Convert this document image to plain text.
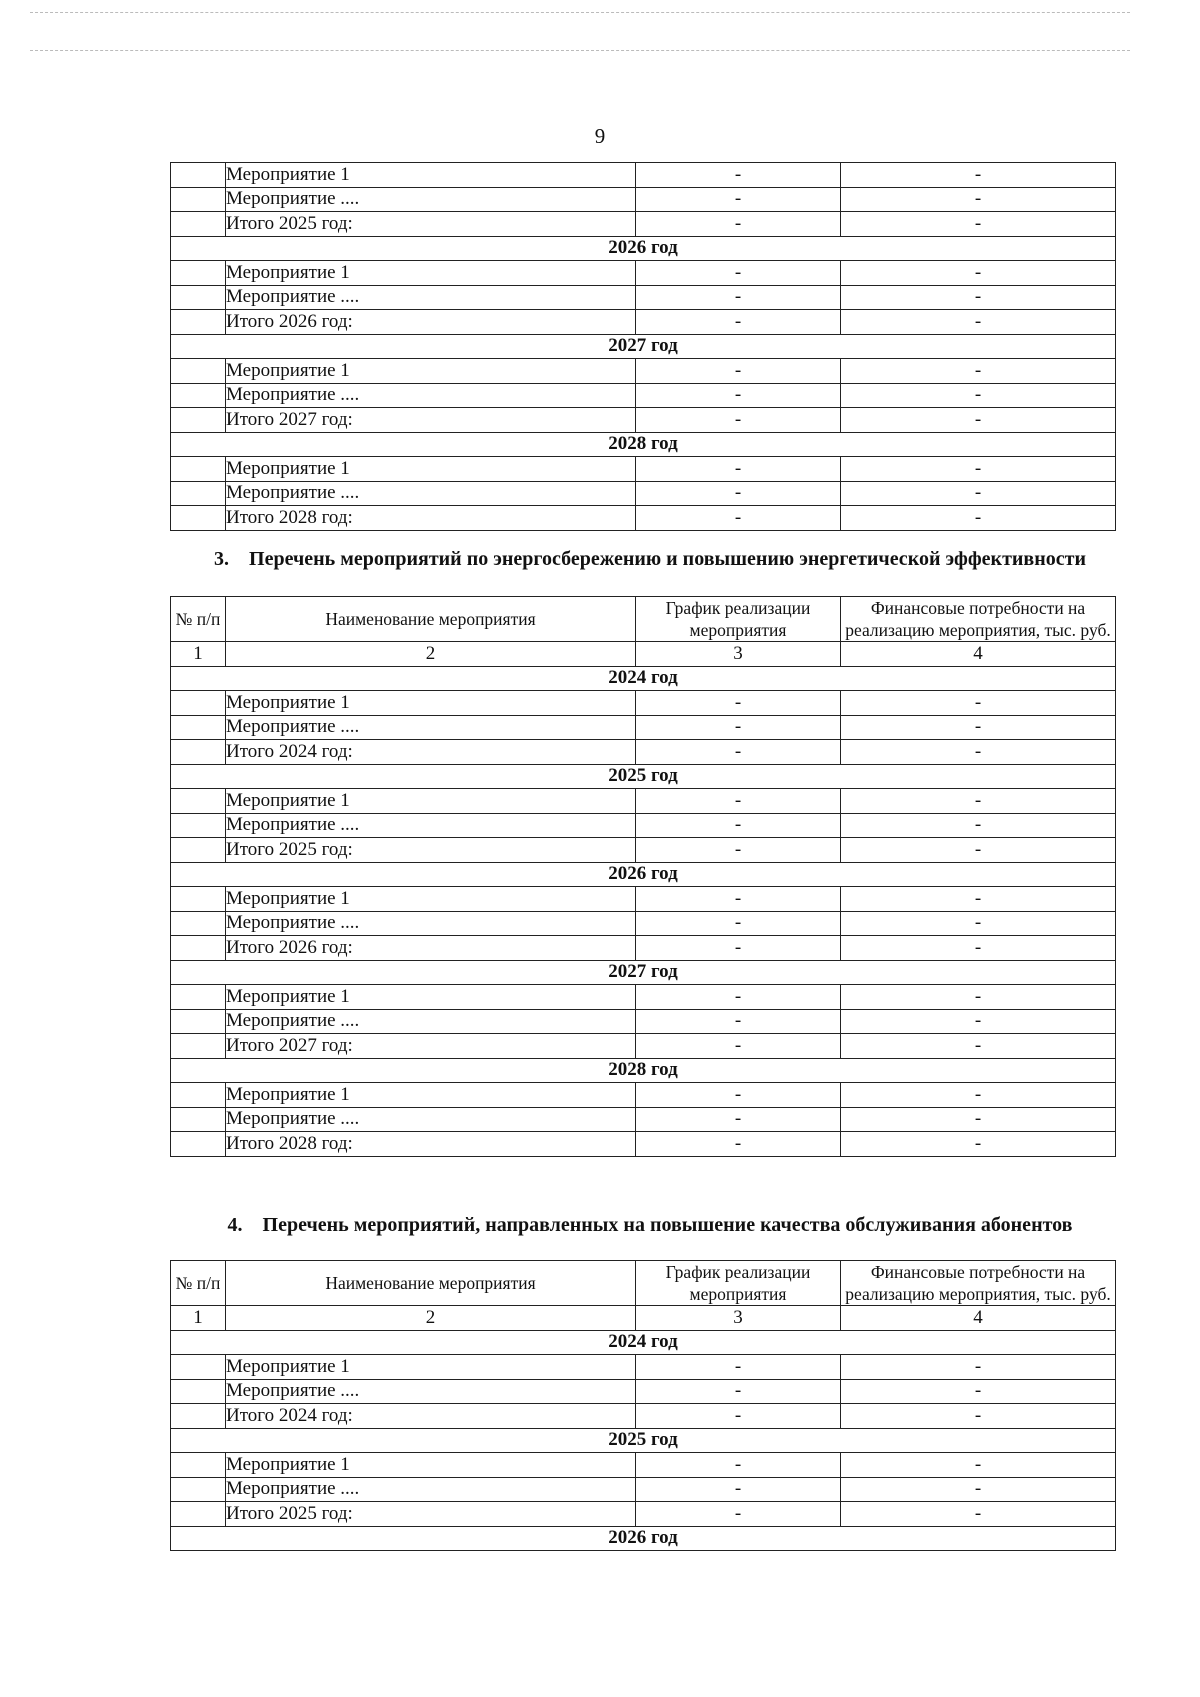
9
	Мероприятие 1	-	-
	Мероприятие ....	-	-
	Итого 2025 год:	-	-
2026 год			
	Мероприятие 1	-	-
	Мероприятие ....	-	-
	Итого 2026 год:	-	-
2027 год			
	Мероприятие 1	-	-
	Мероприятие ....	-	-
	Итого 2027 год:	-	-
2028 год			
	Мероприятие 1	-	-
	Мероприятие ....	-	-
	Итого 2028 год:	-	-
3. Перечень мероприятий по энергосбережению и повышению энергетической эффективности
№ п/п	Наименование мероприятия	График реализации мероприятия	Финансовые потребности на реализацию мероприятия, тыс. руб.
1	2	3	4
2024 год			
	Мероприятие 1	-	-
	Мероприятие ....	-	-
	Итого 2024 год:	-	-
2025 год			
	Мероприятие 1	-	-
	Мероприятие ....	-	-
	Итого 2025 год:	-	-
2026 год			
	Мероприятие 1	-	-
	Мероприятие ....	-	-
	Итого 2026 год:	-	-
2027 год			
	Мероприятие 1	-	-
	Мероприятие ....	-	-
	Итого 2027 год:	-	-
2028 год			
	Мероприятие 1	-	-
	Мероприятие ....	-	-
	Итого 2028 год:	-	-
4. Перечень мероприятий, направленных на повышение качества обслуживания абонентов
№ п/п	Наименование мероприятия	График реализации мероприятия	Финансовые потребности на реализацию мероприятия, тыс. руб.
1	2	3	4
2024 год			
	Мероприятие 1	-	-
	Мероприятие ....	-	-
	Итого 2024 год:	-	-
2025 год			
	Мероприятие 1	-	-
	Мероприятие ....	-	-
	Итого 2025 год:	-	-
2026 год			
